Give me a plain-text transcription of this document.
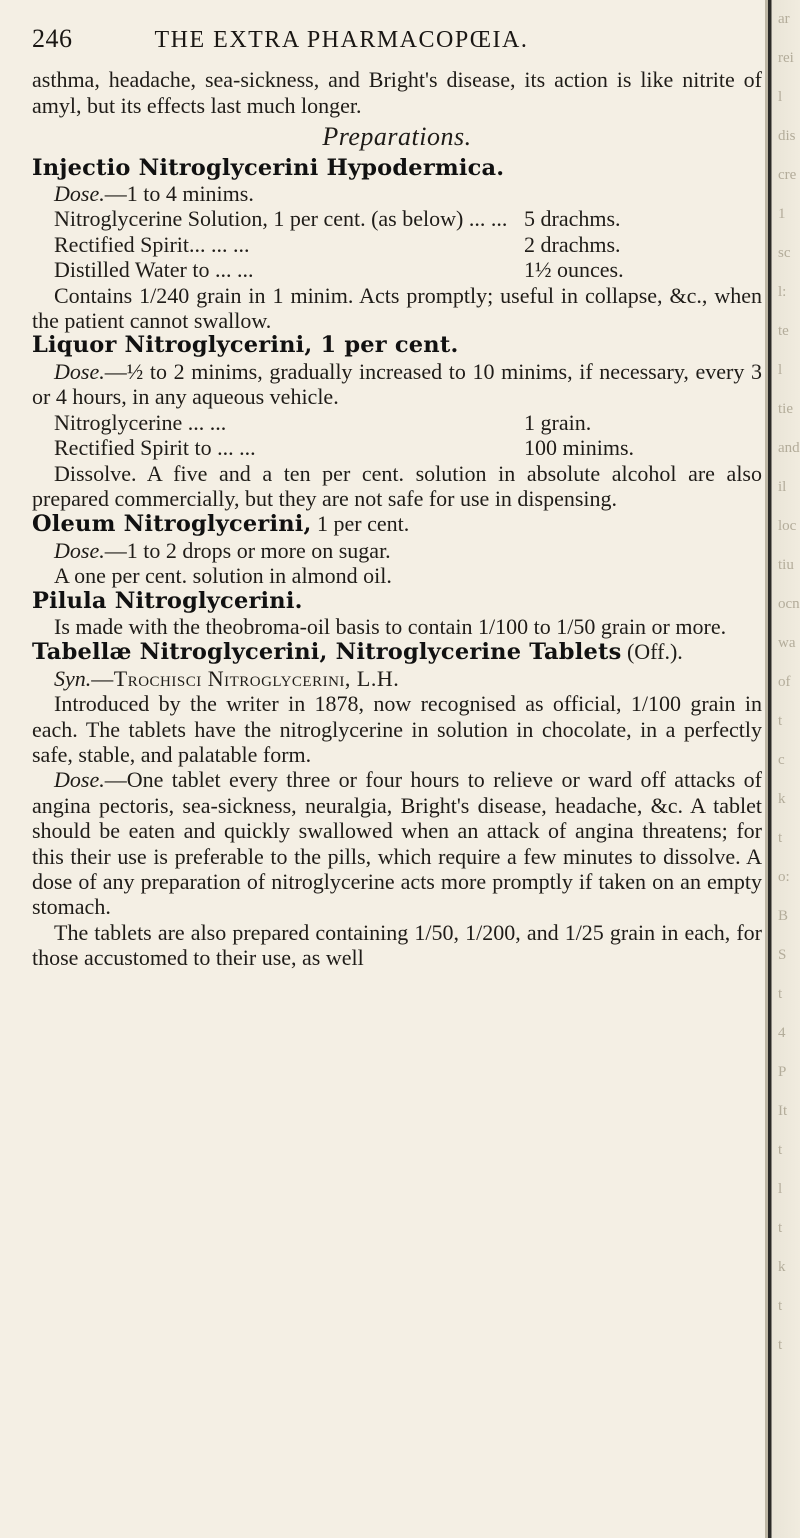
246	THE EXTRA PHARMACOPŒIA.

asthma, headache, sea-sickness, and Bright's disease, its action is like nitrite of amyl, but its effects last much longer.

Preparations.
Injectio Nitroglycerini Hypodermica.
Dose.—1 to 4 minims.
Nitroglycerine Solution, 1 per cent. (as below) ... ... 5 drachms.
Rectified Spirit... ... ...	2 drachms.
Distilled Water to ... ...	1½ ounces.

Contains 1/240 grain in 1 minim. Acts promptly; useful in collapse, &c., when the patient cannot swallow.

Liquor Nitroglycerini, 1 per cent.

Dose.—½ to 2 minims, gradually increased to 10 minims, if necessary, every 3 or 4 hours, in any aqueous vehicle.

Nitroglycerine ... ...	1 grain.
Rectified Spirit to ... ...	100 minims.

Dissolve. A five and a ten per cent. solution in absolute alcohol are also prepared commercially, but they are not safe for use in dispensing.

Oleum Nitroglycerini, 1 per cent.
Dose.—1 to 2 drops or more on sugar.

A one per cent. solution in almond oil.

Pilula Nitroglycerini.

Is made with the theobroma-oil basis to contain 1/100 to 1/50 grain or more.

Tabellæ Nitroglycerini, Nitroglycerine Tablets (Off.).
Syn.—Trochisci Nitroglycerini, L.H.

Introduced by the writer in 1878, now recognised as official, 1/100 grain in each. The tablets have the nitroglycerine in solution in chocolate, in a perfectly safe, stable, and palatable form.

Dose.—One tablet every three or four hours to relieve or ward off attacks of angina pectoris, sea-sickness, neuralgia, Bright's disease, headache, &c. A tablet should be eaten and quickly swallowed when an attack of angina threatens; for this their use is preferable to the pills, which require a few minutes to dissolve. A dose of any preparation of nitroglycerine acts more promptly if taken on an empty stomach.

The tablets are also prepared containing 1/50, 1/200, and 1/25 grain in each, for those accustomed to their use, as well

ar
rei
l
dis
cre
1
sc
l:
te
l
tie
and
il
loc
tiu
ocn
wa
of
t
c
k
t
o:
B
S
t
4
P
It
t
l
t
k
t
t
